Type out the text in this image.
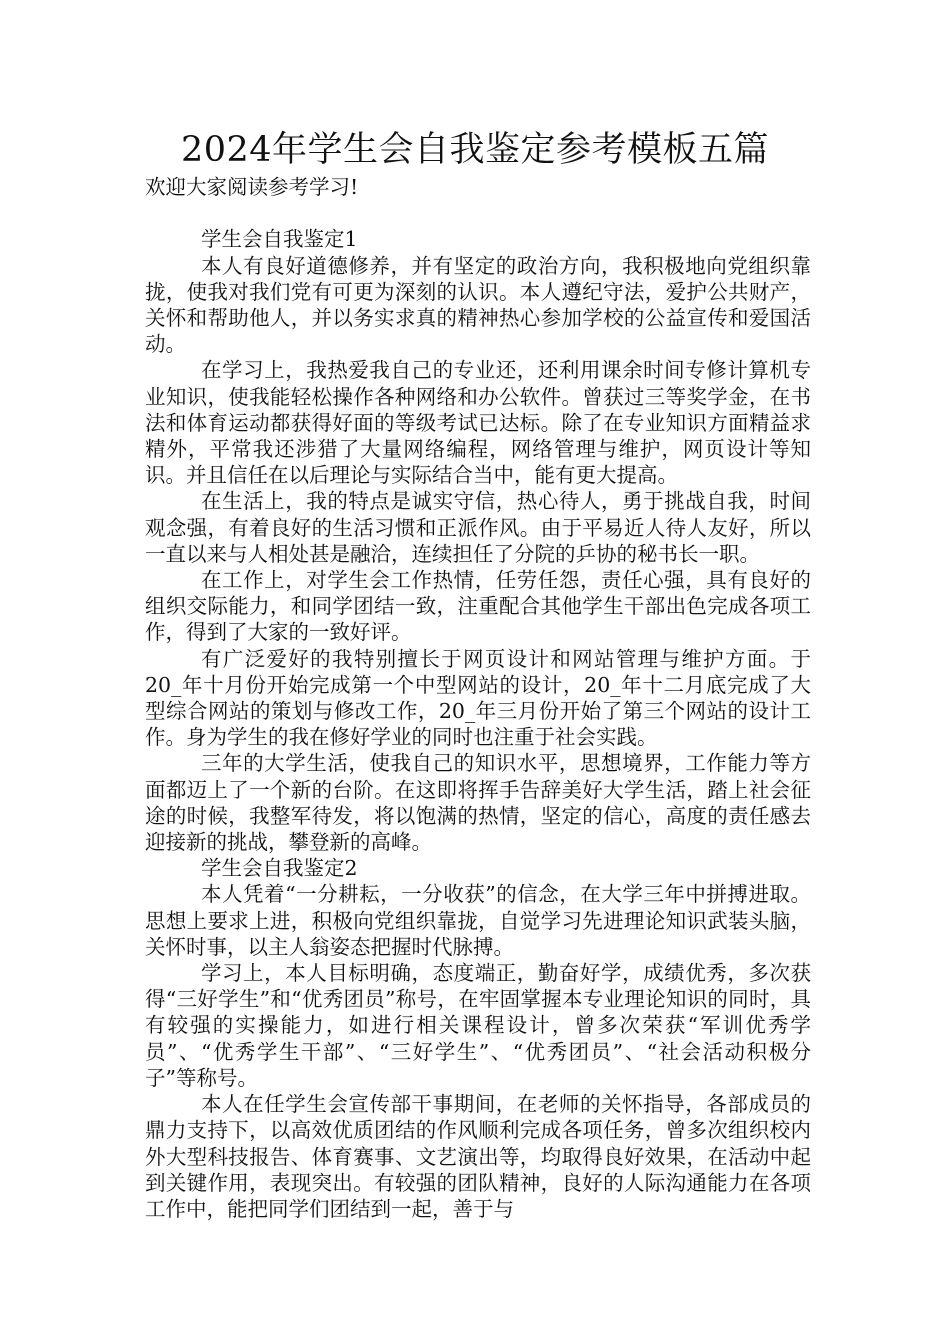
2024年学生会自我鉴定参考模板五篇

欢迎大家阅读参考学习!

学生会自我鉴定1

本人有良好道德修养，并有坚定的政治方向，我积极地向党组织靠拢，使我对我们党有可更为深刻的认识。本人遵纪守法，爱护公共财产，关怀和帮助他人，并以务实求真的精神热心参加学校的公益宣传和爱国活动。

在学习上，我热爱我自己的专业还，还利用课余时间专修计算机专业知识，使我能轻松操作各种网络和办公软件。曾获过三等奖学金，在书法和体育运动都获得好面的等级考试已达标。除了在专业知识方面精益求精外，平常我还涉猎了大量网络编程，网络管理与维护，网页设计等知识。并且信任在以后理论与实际结合当中，能有更大提高。

在生活上，我的特点是诚实守信，热心待人，勇于挑战自我，时间观念强，有着良好的生活习惯和正派作风。由于平易近人待人友好，所以一直以来与人相处甚是融洽，连续担任了分院的乒协的秘书长一职。

在工作上，对学生会工作热情，任劳任怨，责任心强，具有良好的组织交际能力，和同学团结一致，注重配合其他学生干部出色完成各项工作，得到了大家的一致好评。

有广泛爱好的我特别擅长于网页设计和网站管理与维护方面。于20_年十月份开始完成第一个中型网站的设计，20_年十二月底完成了大型综合网站的策划与修改工作，20_年三月份开始了第三个网站的设计工作。身为学生的我在修好学业的同时也注重于社会实践。

三年的大学生活，使我自己的知识水平，思想境界，工作能力等方面都迈上了一个新的台阶。在这即将挥手告辞美好大学生活，踏上社会征途的时候，我整军待发，将以饱满的热情，坚定的信心，高度的责任感去迎接新的挑战，攀登新的高峰。

学生会自我鉴定2

本人凭着“一分耕耘，一分收获”的信念，在大学三年中拼搏进取。思想上要求上进，积极向党组织靠拢，自觉学习先进理论知识武装头脑，关怀时事，以主人翁姿态把握时代脉搏。

学习上，本人目标明确，态度端正，勤奋好学，成绩优秀，多次获得“三好学生”和“优秀团员”称号，在牢固掌握本专业理论知识的同时，具有较强的实操能力，如进行相关课程设计，曾多次荣获“军训优秀学员”、“优秀学生干部”、“三好学生”、“优秀团员”、“社会活动积极分子”等称号。

本人在任学生会宣传部干事期间，在老师的关怀指导，各部成员的鼎力支持下，以高效优质团结的作风顺利完成各项任务，曾多次组织校内外大型科技报告、体育赛事、文艺演出等，均取得良好效果，在活动中起到关键作用，表现突出。有较强的团队精神，良好的人际沟通能力在各项工作中，能把同学们团结到一起，善于与
